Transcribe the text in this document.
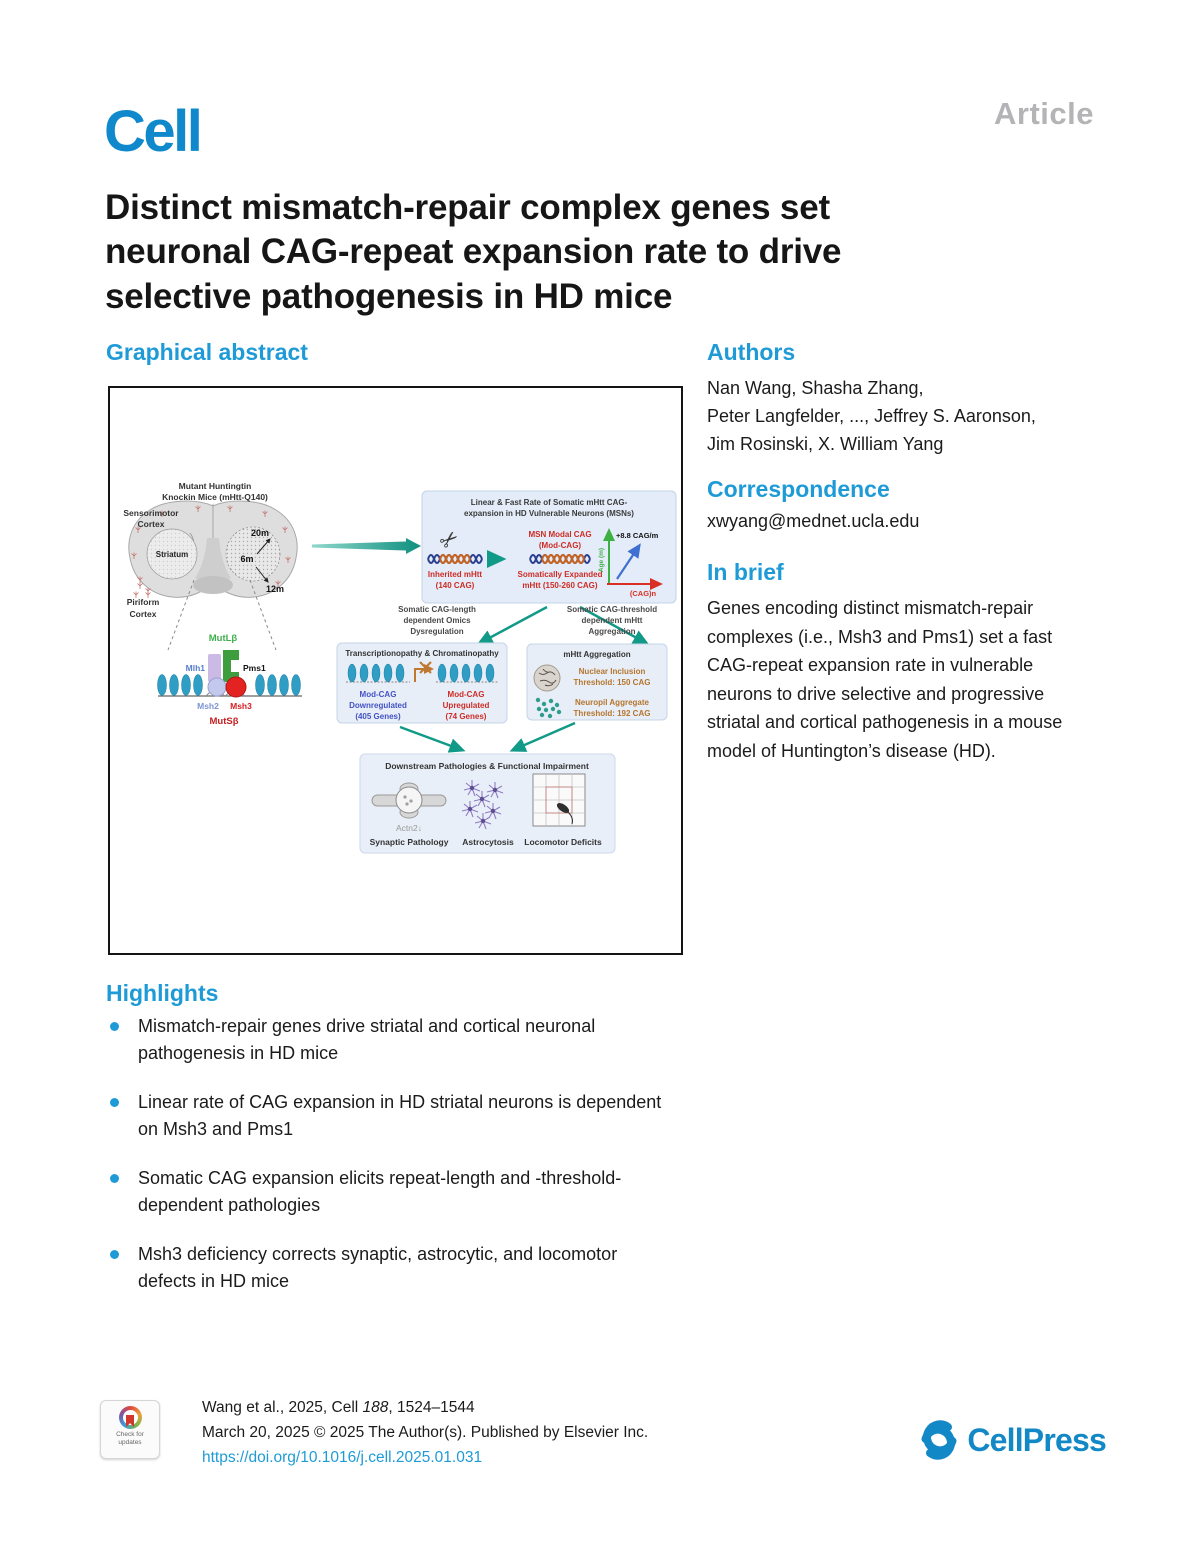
Cell	Article
Distinct mismatch-repair complex genes set
neuronal CAG-repeat expansion rate to drive
selective pathogenesis in HD mice
Graphical abstract
Mutant Huntingtin
Knockin Mice (mHtt-Q140)
Sensorimotor
Cortex
Striatum
20m
6m
12m
Piriform
Cortex
MutLβ
Mlh1	Pms1
Msh2 Msh3
MutSβ
Linear & Fast Rate of Somatic mHtt CAG-
expansion in HD Vulnerable Neurons (MSNs)
✂
Inherited mHtt
(140 CAG)
MSN Modal CAG
(Mod-CAG)
Somatically Expanded
mHtt (150-260 CAG)
Age (m)
(CAG)n
+8.8 CAG/m
Somatic CAG-length
dependent Omics
Dysregulation
Somatic CAG-threshold
dependent mHtt
Aggregation
Transcriptionopathy & Chromatinopathy
Mod-CAG
Downregulated
(405 Genes)
Mod-CAG
Upregulated
(74 Genes)
mHtt Aggregation
Nuclear Inclusion
Threshold: 150 CAG
Neuropil Aggregate
Threshold: 192 CAG
Downstream Pathologies & Functional Impairment
Actn2↓
Synaptic Pathology Astrocytosis Locomotor Deficits
Authors
Nan Wang, Shasha Zhang,
Peter Langfelder, ..., Jeffrey S. Aaronson,
Jim Rosinski, X. William Yang
Correspondence
xwyang@mednet.ucla.edu
In brief

Genes encoding distinct mismatch-repair complexes (i.e., Msh3 and Pms1) set a fast CAG-repeat expansion rate in vulnerable neurons to drive selective and progressive striatal and cortical pathogenesis in a mouse model of Huntington’s disease (HD).

Highlights
Mismatch-repair genes drive striatal and cortical neuronal pathogenesis in HD mice
Linear rate of CAG expansion in HD striatal neurons is dependent on Msh3 and Pms1
Somatic CAG expansion elicits repeat-length and -threshold-dependent pathologies
Msh3 deficiency corrects synaptic, astrocytic, and locomotor defects in HD mice
Check for
updates
Wang et al., 2025, Cell 188, 1524–1544
March 20, 2025 © 2025 The Author(s). Published by Elsevier Inc.
https://doi.org/10.1016/j.cell.2025.01.031	CellPress
